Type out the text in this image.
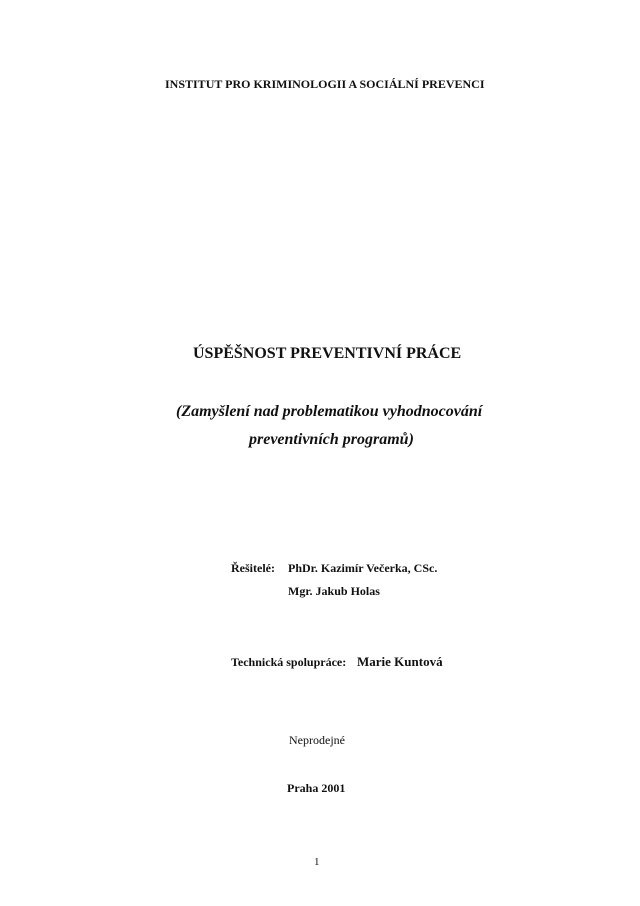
INSTITUT PRO KRIMINOLOGII A SOCIÁLNÍ PREVENCI
ÚSPĚŠNOST PREVENTIVNÍ PRÁCE
(Zamyšlení nad problematikou vyhodnocování
preventivních programů)
Řešitelé: PhDr. Kazimír Večerka, CSc.
Mgr. Jakub Holas
Technická spolupráce: Marie Kuntová
Neprodejné
Praha 2001
1
